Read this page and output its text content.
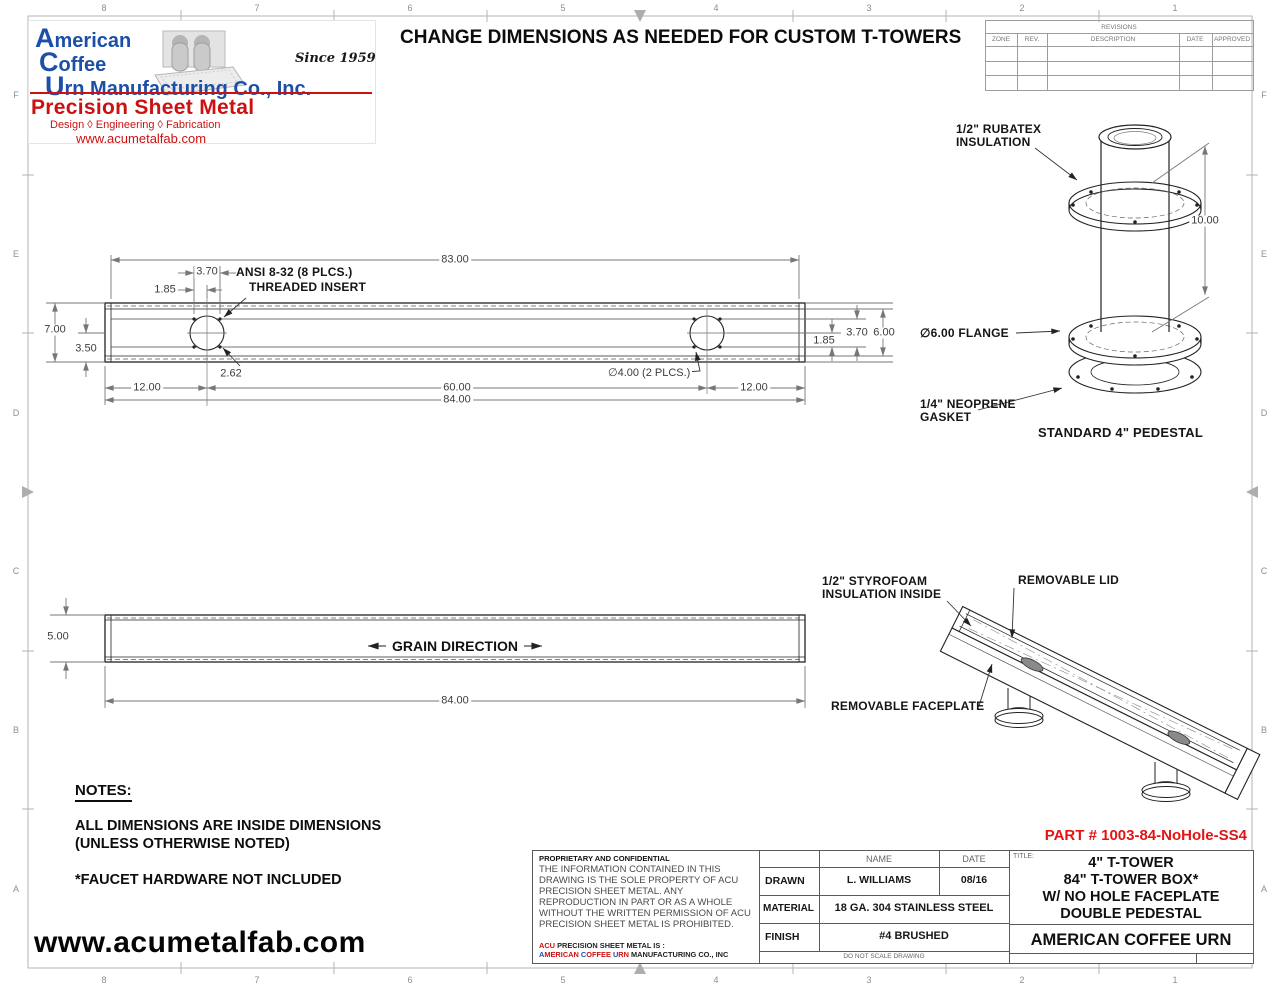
American
Coffee
Urn Manufacturing Co., Inc.
Since 1959
Precision Sheet Metal
Design ◊ Engineering ◊ Fabrication
www.acumetalfab.com
CHANGE DIMENSIONS AS NEEDED FOR CUSTOM T-TOWERS	REVISIONS
ZONE REV.	DESCRIPTION	DATE APPROVED
8	7	6	5	4	3	2	1
8	7	6	5	4	3	2	1
F
E
D
C
B
A
F
E
D
C
B
A
83.00
3.70
1.85
ANSI 8-32 (8 PLCS.)
THREADED INSERT
7.00
3.50
12.00
2.62
60.00
84.00
∅4.00 (2 PLCS.)
12.00
1.85
3.70 6.00
5.00
GRAIN DIRECTION
84.00
1/2" RUBATEX
INSULATION
10.00
∅6.00 FLANGE
1/4" NEOPRENE
GASKET
STANDARD 4" PEDESTAL
1/2" STYROFOAM
INSULATION INSIDE
REMOVABLE LID
REMOVABLE FACEPLATE
NOTES:
ALL DIMENSIONS ARE INSIDE DIMENSIONS
(UNLESS OTHERWISE NOTED)
*FAUCET HARDWARE NOT INCLUDED
PART # 1003-84-NoHole-SS4
PROPRIETARY AND CONFIDENTIAL
THE INFORMATION CONTAINED IN THIS DRAWING IS THE SOLE PROPERTY OF ACU PRECISION SHEET METAL. ANY REPRODUCTION IN PART OR AS A WHOLE WITHOUT THE WRITTEN PERMISSION OF ACU PRECISION SHEET METAL IS PROHIBITED.
ACU PRECISION SHEET METAL IS :
AMERICAN COFFEE URN MANUFACTURING CO., INC
NAME	DATE
DRAWN	L. WILLIAMS	08/16
MATERIAL	18 GA. 304 STAINLESS STEEL
FINISH	#4 BRUSHED
DO NOT SCALE DRAWING
TITLE:	4" T-TOWER
84" T-TOWER BOX*
W/ NO HOLE FACEPLATE
DOUBLE PEDESTAL
AMERICAN COFFEE URN
www.acumetalfab.com
